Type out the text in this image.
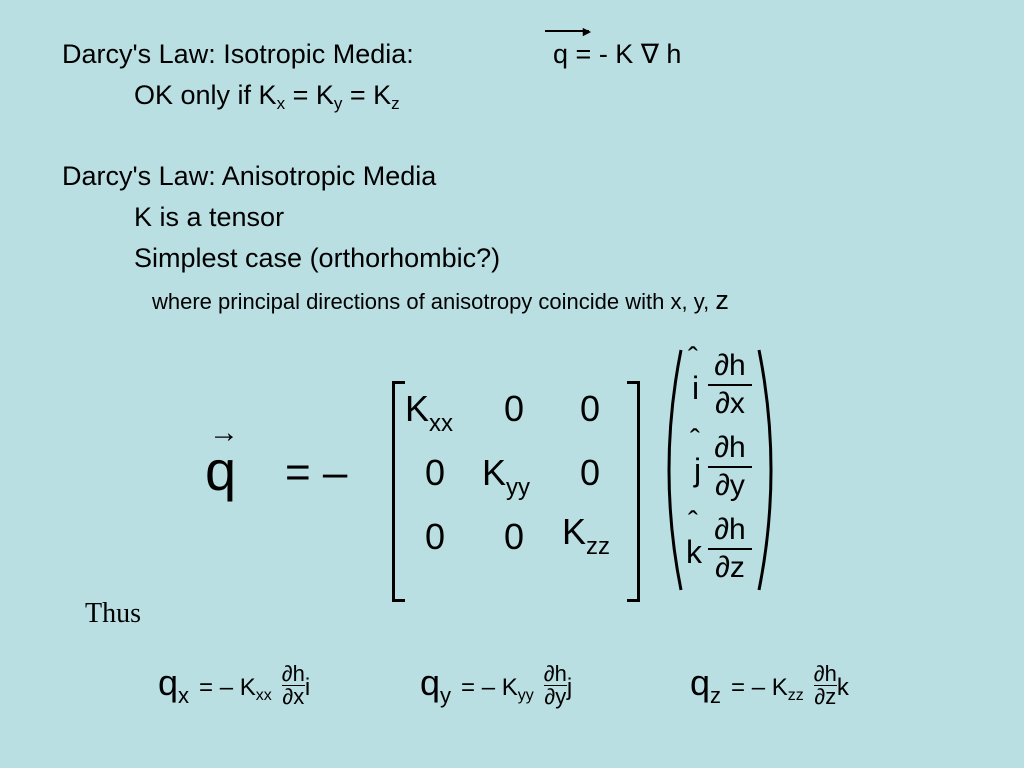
Darcy's Law: Isotropic Media:
►
q = - K ∇ h
OK only if $K_x = K_y = K_z$
Darcy's Law: Anisotropic Media
K is a tensor
Simplest case (orthorhombic?)
where principal directions of anisotropy coincide with x, y, z
→
q = –
$K_{xx}$ 0 0
0 $K_{yy}$ 0
0 0 $K_{zz}$
ˆ
i
∂h
∂x
ˆ
j
∂h
∂y
ˆ
k
∂h
∂z
Thus
$q_x$ = – $K_{xx} \frac{\partial h}{\partial x}$ i	$q_y$ = – $K_{yy} \frac{\partial h}{\partial y}$ j	$q_z$ = – $K_{zz} \frac{\partial h}{\partial z}$ k
